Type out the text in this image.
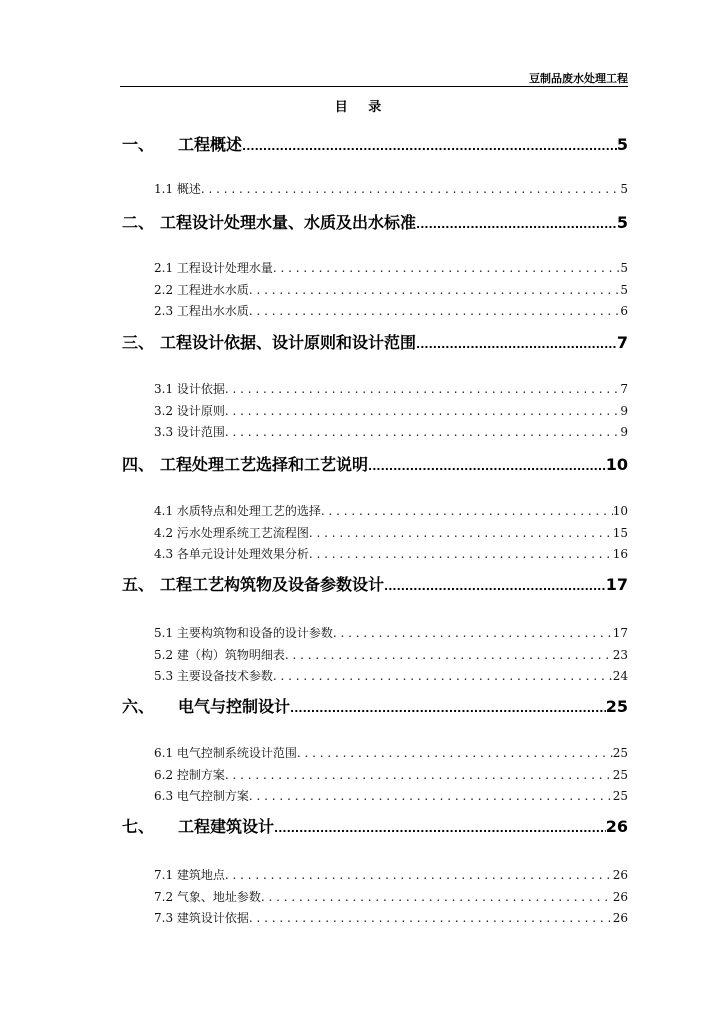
豆制品废水处理工程
目 录
一、 工程概述 .....	5
1.1 概述 . . .	5
二、 工程设计处理水量、水质及出水标准 .....	5
2.1 工程设计处理水量 . . .	5
2.2 工程进水水质 . . .	5
2.3 工程出水水质 . . .	6
三、 工程设计依据、设计原则和设计范围 .....	7
3.1 设计依据 . . .	7
3.2 设计原则 . . .	9
3.3 设计范围 . . .	9
四、 工程处理工艺选择和工艺说明 .....	10
4.1 水质特点和处理工艺的选择 . . .	10
4.2 污水处理系统工艺流程图 . . .	15
4.3 各单元设计处理效果分析 . . .	16
五、 工程工艺构筑物及设备参数设计 .....	17
5.1 主要构筑物和设备的设计参数 . . .	17
5.2 建（构）筑物明细表 . . .	23
5.3 主要设备技术参数 . . .	24
六、 电气与控制设计 .....	25
6.1 电气控制系统设计范围 . . .	25
6.2 控制方案 . . .	25
6.3 电气控制方案 . . .	25
七、 工程建筑设计 .....	26
7.1 建筑地点 . . .	26
7.2 气象、地址参数 . . .	26
7.3 建筑设计依据 . . .	26
